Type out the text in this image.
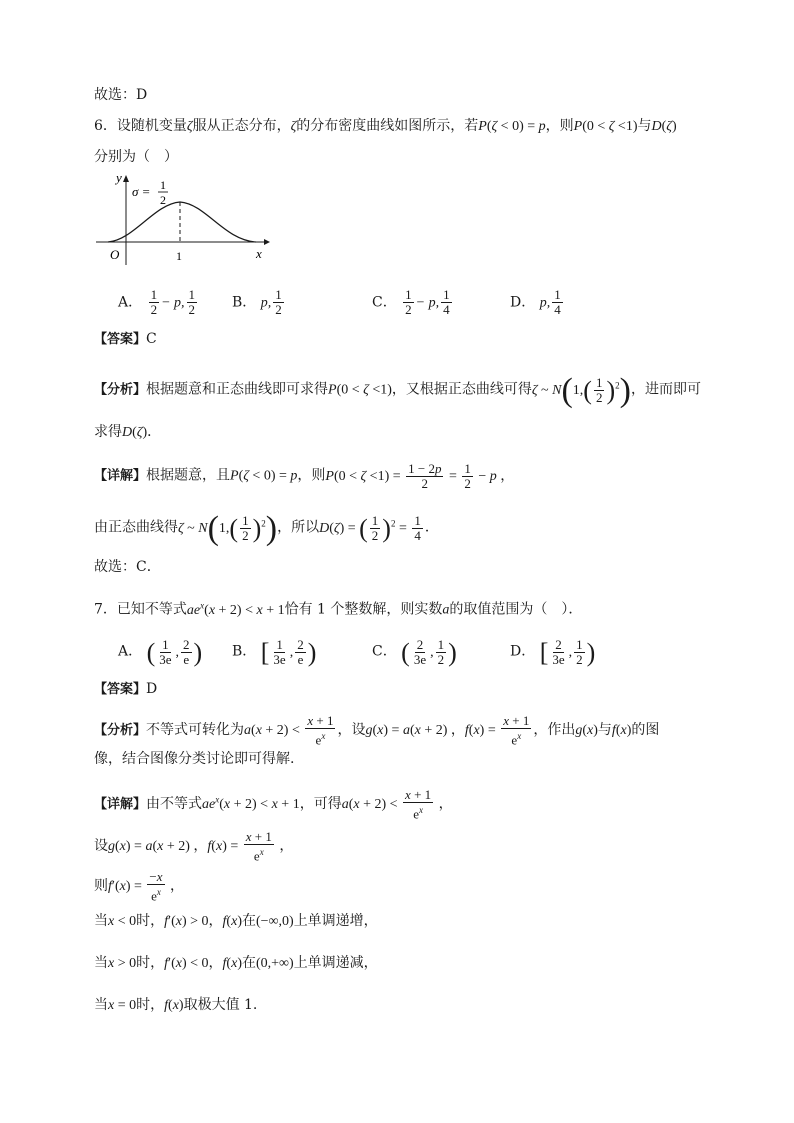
故选：D
6．设随机变量ζ服从正态分布，ζ的分布密度曲线如图所示，若P(ζ < 0) = p，则P(0 < ζ <1)与D(ζ)
分别为（　）
y
x
O	1
σ = 1
2
A． $\frac{1}{2} - p$, $\frac{1}{2}$ B． p, $\frac{1}{2}$	C． $\frac{1}{2} - p$, $\frac{1}{4}$	D． p, $\frac{1}{4}$
【答案】C
【分析】根据题意和正态曲线即可求得P(0 < ζ <1)，又根据正态曲线可得ζ ~ $N(1,( \frac{1}{2} )^2)$，进而即可
求得D(ζ)．
【详解】根据题意，且P(ζ < 0) = p，则$P(0 < \zeta <1) = \frac{1 - 2p}{2} = \frac{1}{2} - p$ ，
由正态曲线得ζ ~ $N(1,( \frac{1}{2} )^2)$，所以D(ζ) = ( $\frac{1}{2} )^2 = \frac{1}{4}$ ．
故选：C．
7．已知不等式$ae^x(x + 2) < x + 1$恰有 1 个整数解，则实数a的取值范围为（　）．
A． ( $\frac{1}{3e}$ , $\frac{2}{e}$ ) B． [ $\frac{1}{3e}$ , $\frac{2}{e}$ )	C． ( $\frac{2}{3e}$ , $\frac{1}{2}$ )	D． [ $\frac{2}{3e}$ , $\frac{1}{2}$ )
【答案】D
【分析】不等式可转化为$a(x + 2) < \frac{x + 1}{e^x}$ ，设g(x) = a(x + 2) ，$f(x) = \frac{x + 1}{e^x}$ ，作出g(x)与f(x)的图
像，结合图像分类讨论即可得解.
【详解】由不等式$ae^x(x + 2) < x + 1$，可得$a(x + 2) < \frac{x + 1}{e^x}$ ，
设g(x) = a(x + 2) ，$f(x) = \frac{x + 1}{e^x}$ ，
则$f'(x) = \frac{-x}{e^x}$ ，
当x < 0时，f′(x) > 0，f(x)在(−∞,0)上单调递增，
当x > 0时，f′(x) < 0，f(x)在(0,+∞)上单调递减，
当x = 0时，f(x)取极大值 1.
